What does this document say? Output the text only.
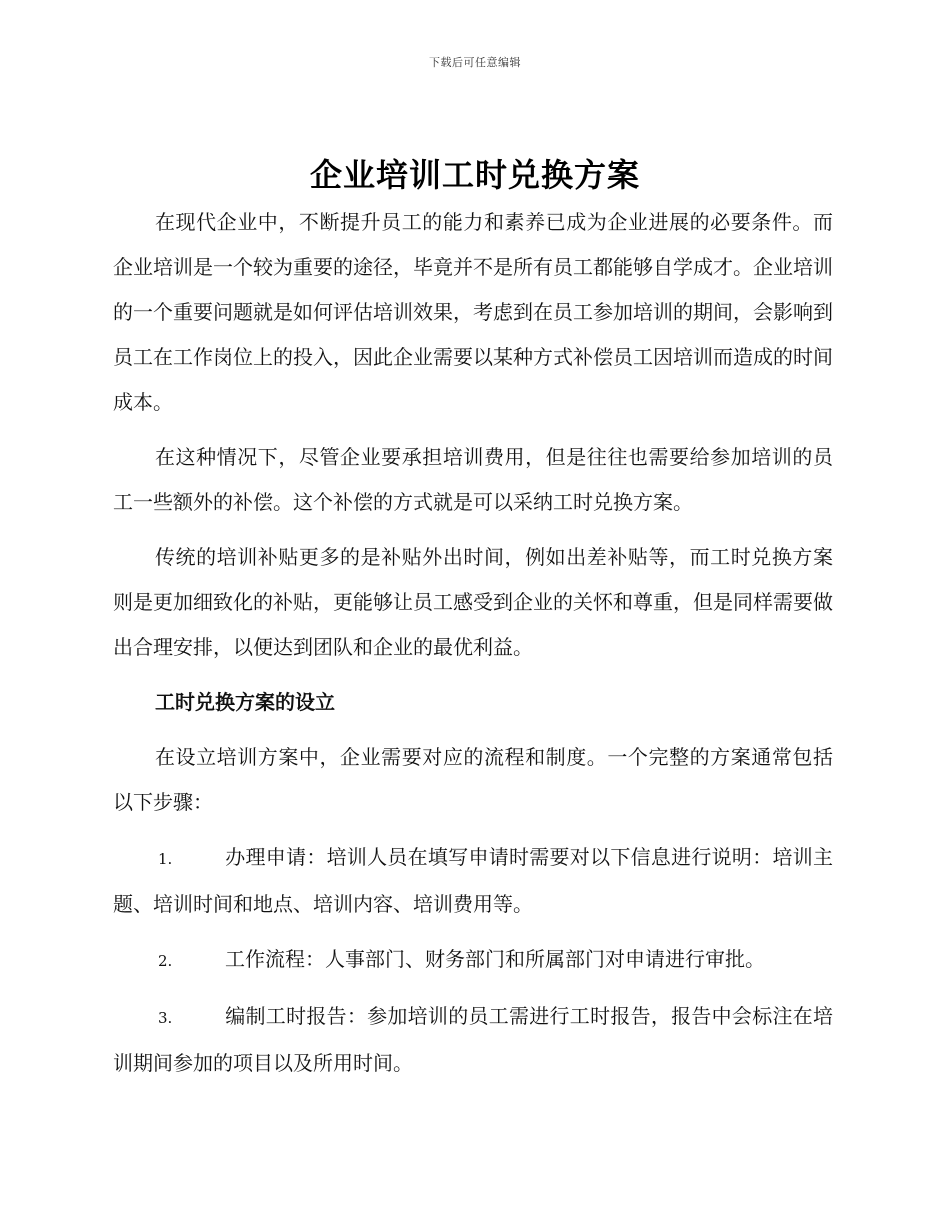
下载后可任意编辑
企业培训工时兑换方案

在现代企业中，不断提升员工的能力和素养已成为企业进展的必要条件。而企业培训是一个较为重要的途径，毕竟并不是所有员工都能够自学成才。企业培训的一个重要问题就是如何评估培训效果，考虑到在员工参加培训的期间，会影响到员工在工作岗位上的投入，因此企业需要以某种方式补偿员工因培训而造成的时间成本。

在这种情况下，尽管企业要承担培训费用，但是往往也需要给参加培训的员工一些额外的补偿。这个补偿的方式就是可以采纳工时兑换方案。

传统的培训补贴更多的是补贴外出时间，例如出差补贴等，而工时兑换方案则是更加细致化的补贴，更能够让员工感受到企业的关怀和尊重，但是同样需要做出合理安排，以便达到团队和企业的最优利益。

工时兑换方案的设立

在设立培训方案中，企业需要对应的流程和制度。一个完整的方案通常包括以下步骤：

1.	办理申请：培训人员在填写申请时需要对以下信息进行说明：培训主题、培训时间和地点、培训内容、培训费用等。

2.	工作流程：人事部门、财务部门和所属部门对申请进行审批。

3.	编制工时报告：参加培训的员工需进行工时报告，报告中会标注在培训期间参加的项目以及所用时间。
